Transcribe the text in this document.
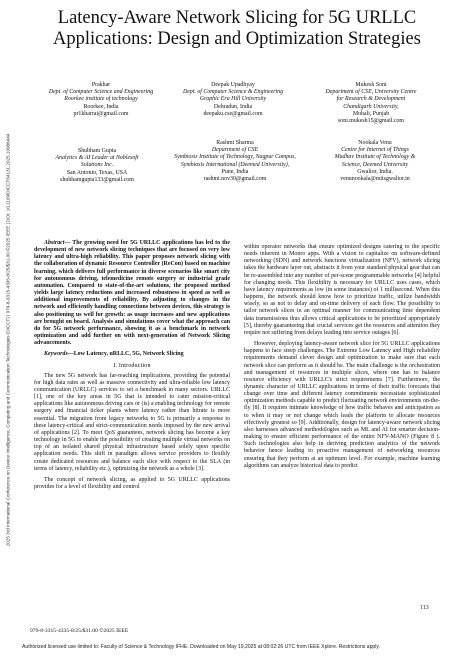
2025 3rd International Conference on Device Intelligence, Computing and Communication Technologies (DICCT) | 979-8-3315-4335-8/25/$31.00 ©2025 IEEE | DOI: 10.1109/DICCT64131.2025.10986444
Latency-Aware Network Slicing for 5G URLLC
Applications: Design and Optimization Strategies
Prakhar
Dept. of Computer Science and Engineering
Roorkee institute of technology
Roorkee, India
pr1kharrai@gmail.com
Deepak Upadhyay
Dept. of Computer Science & Engineering
Graphic Era Hill University
Dehradun, India
deepaku.cse@gmail.com
Mukesh Soni
Department of CSE, University Centre
for Research & Development
Chandigarh University,
Mohali, Punjab
soni.mukesh15@gmail.com
Shubham Gupta
Analytics & AI Leader at Noblesoft
Solutions Inc.
San Antonio, Texas, USA
shubhamgupta133@gmail.com
Rashmi Sharma
Department of CSE
Symbiosis Institute of Technology, Nagpur Campus,
Symbiosis International (Deemed University),
Pune, India
rashmi.nov30@gmail.com
Nookala Venu
Centre for Internet of Things
Madhav Institute of Technology &
Science, Deemed University
Gwalior, India.
venunookala@mitsgwalior.in

Abstract— The growing need for 5G URLLC applications has led to the development of new network slicing techniques that are focused on very low latency and ultra-high reliability. This paper proposes network slicing with the collaboration of dynamic Resource Controller (ReCon) based on machine learning, which delivers full performance in diverse scenarios like smart city for autonomous driving, telemedicine remote surgery or industrial grade automation. Compared to state-of-the-art solutions, the proposed method yields large latency reductions and increased robustness in speed as well as additional improvements of reliability. By adjusting to changes in the network and efficiently handling connections between devices, this strategy is also positioning us well for growth: as usage increases and new applications are brought on board. Analysis and simulations cover what the approach can do for 5G network performance, showing it as a benchmark in network optimization and add further on with next-generation of Network Slicing advancements.

Keywords—Low Latency, uRLLC, 5G, Network Slicing

I. Introduction

The new 5G network has far-reaching implications, providing the potential for high data rates as well as massive connectivity and ultra-reliable low latency communication (URLLC) services to set a benchmark in many sectors. URLLC [1], one of the key areas in 5G that is intended to cater mission-critical applications like autonomous driving cars or (is) a enabling technology for remote surgery and financial ticker plants where latency rather than bitrate is more essential. The migration from legacy networks to 5G is primarily a response to these latency-critical and strict-communication needs imposed by the new arrival of applications [2]. To meet QoS guarantees, network slicing has become a key technology in 5G to enable the possibility of creating multiple virtual networks on top of an isolated shared physical infrastructure based solely upon specific application needs. This shift in paradigm allows service providers to flexibly create dedicated resources and balance each slice with respect to the SLA (in terms of latency, reliability etc.), optimizing the network as a whole [3].

The concept of network slicing, as applied to 5G URLLC applications provides for a level of flexibility and control

within operator networks that ensure optimized designs catering to the specific needs inherent in Monro apps. With a vision to capitalize on software-defined networking (SDN) and network functions virtualization (NFV), network slicing takes the hardware layer out, abstracts it from your standard physical gear that can be re-assembled into any number of per-scene programmable networks [4] helpful for changing needs. This flexibility is necessary for URLLC uses cases, which have latency requirements as low (in some instances) of 1 millisecond. When this happens, the network should know how to prioritize traffic, utilize bandwidth wisely, so as not to delay and on-time delivery of each flow. The possibility to tailor network slices in an optimal manner for communicating time dependent data transmissions thus allows critical applications to be prioritized appropriately [5], thereby guaranteeing that crucial services get the resources and attention they require not suffering from delays leading into service outages [6].

However, deploying latency-aware network slice for 5G URLLC applications happens to face steep challenges. The Extreme Low Latency and High reliability requirements demand clever design and optimization to make sure that each network slice can perform as it should be. The main challenge is the orchestration and management of resources in multiple slices, where one has to balance resource efficiency with URLLC's strict requirements [7]. Furthermore, the dynamic character of URLLC applications in terms of their traffic forecasts that change over time and different latency commitments necessitate sophisticated optimization methods capable to predict fluctuating network environments on-the-fly [8]. It requires intimate knowledge of how traffic behaves and anticipation as to when it may or not change which leads the platform to allocate resources effectively greatest so [9]. Additionally, design for latency-aware network slicing also harnesses advanced methodologies such as ML and AI for smarter decision-making to ensure efficient performance of the entire NFV-MANO (Figure 8 ). Such technologies also help in deriving prediction analytics of the network behavior hence leading to proactive management of networking resources ensuring that they perform at an optimum level. For example, machine learning algorithms can analyze historical data to predict

113
979-8-3315-4335-8/25/$31.00 ©2025 IEEE
Authorized licensed use limited to: Faculty of Science & Technology IFHE. Downloaded on May 19,2025 at 08:02:26 UTC from IEEE Xplore. Restrictions apply.
